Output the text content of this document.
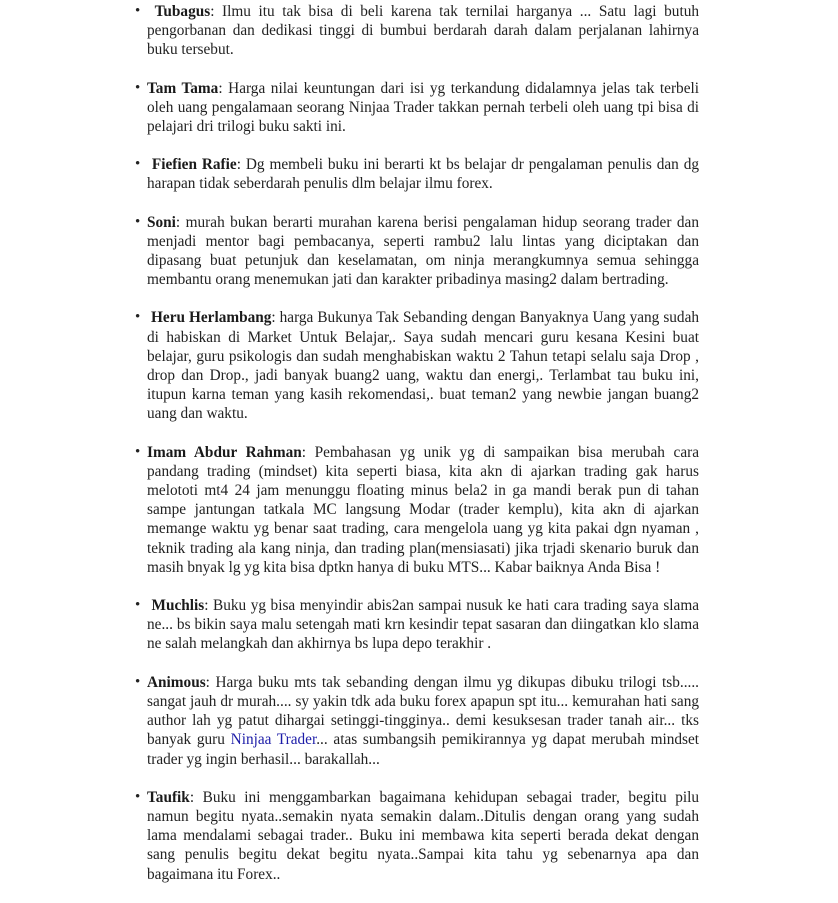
• Tubagus: Ilmu itu tak bisa di beli karena tak ternilai harganya ... Satu lagi butuh pengorbanan dan dedikasi tinggi di bumbui berdarah darah dalam perjalanan lahirnya buku tersebut.
• Tam Tama: Harga nilai keuntungan dari isi yg terkandung didalamnya jelas tak terbeli oleh uang pengalamaan seorang Ninjaa Trader takkan pernah terbeli oleh uang tpi bisa di pelajari dri trilogi buku sakti ini.
• Fiefien Rafie: Dg membeli buku ini berarti kt bs belajar dr pengalaman penulis dan dg harapan tidak seberdarah penulis dlm belajar ilmu forex.
• Soni: murah bukan berarti murahan karena berisi pengalaman hidup seorang trader dan menjadi mentor bagi pembacanya, seperti rambu2 lalu lintas yang diciptakan dan dipasang buat petunjuk dan keselamatan, om ninja merangkumnya semua sehingga membantu orang menemukan jati dan karakter pribadinya masing2 dalam bertrading.
• Heru Herlambang: harga Bukunya Tak Sebanding dengan Banyaknya Uang yang sudah di habiskan di Market Untuk Belajar,. Saya sudah mencari guru kesana Kesini buat belajar, guru psikologis dan sudah menghabiskan waktu 2 Tahun tetapi selalu saja Drop , drop dan Drop., jadi banyak buang2 uang, waktu dan energi,. Terlambat tau buku ini, itupun karna teman yang kasih rekomendasi,. buat teman2 yang newbie jangan buang2 uang dan waktu.
• Imam Abdur Rahman: Pembahasan yg unik yg di sampaikan bisa merubah cara pandang trading (mindset) kita seperti biasa, kita akn di ajarkan trading gak harus melototi mt4 24 jam menunggu floating minus bela2 in ga mandi berak pun di tahan sampe jantungan tatkala MC langsung Modar (trader kemplu), kita akn di ajarkan memange waktu yg benar saat trading, cara mengelola uang yg kita pakai dgn nyaman , teknik trading ala kang ninja, dan trading plan(mensiasati) jika trjadi skenario buruk dan masih bnyak lg yg kita bisa dptkn hanya di buku MTS... Kabar baiknya Anda Bisa !
• Muchlis: Buku yg bisa menyindir abis2an sampai nusuk ke hati cara trading saya slama ne... bs bikin saya malu setengah mati krn kesindir tepat sasaran dan diingatkan klo slama ne salah melangkah dan akhirnya bs lupa depo terakhir .
• Animous: Harga buku mts tak sebanding dengan ilmu yg dikupas dibuku trilogi tsb..... sangat jauh dr murah.... sy yakin tdk ada buku forex apapun spt itu... kemurahan hati sang author lah yg patut dihargai setinggi-tingginya.. demi kesuksesan trader tanah air... tks banyak guru Ninjaa Trader... atas sumbangsih pemikirannya yg dapat merubah mindset trader yg ingin berhasil... barakallah...
• Taufik: Buku ini menggambarkan bagaimana kehidupan sebagai trader, begitu pilu namun begitu nyata..semakin nyata semakin dalam..Ditulis dengan orang yang sudah lama mendalami sebagai trader.. Buku ini membawa kita seperti berada dekat dengan sang penulis begitu dekat begitu nyata..Sampai kita tahu yg sebenarnya apa dan bagaimana itu Forex..
